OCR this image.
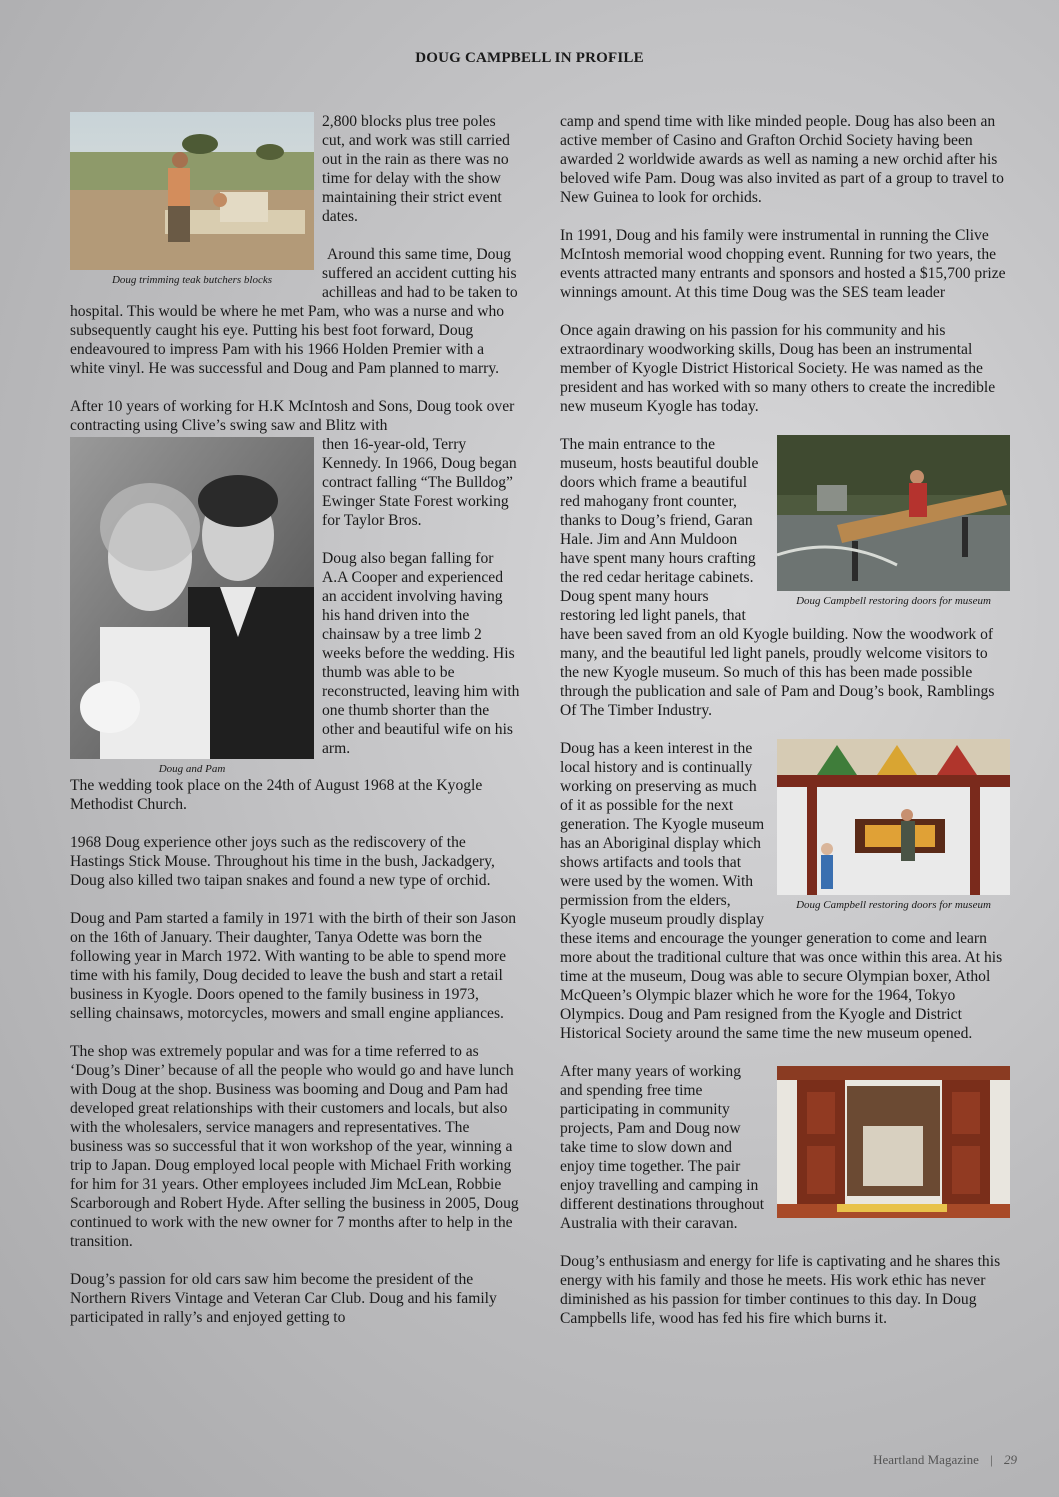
DOUG CAMPBELL IN PROFILE
Doug trimming teak butchers blocks

2,800 blocks plus tree poles cut, and work was still carried out in the rain as there was no time for delay with the show maintaining their strict event dates.

Around this same time, Doug suffered an accident cutting his achilleas and had to be taken to hospital. This would be where he met Pam, who was a nurse and who subsequently caught his eye. Putting his best foot forward, Doug endeavoured to impress Pam with his 1966 Holden Premier with a white vinyl. He was successful and Doug and Pam planned to marry.

After 10 years of working for H.K McIntosh and Sons, Doug took over contracting using Clive’s swing saw and Blitz with

Doug and Pam

then 16-year-old, Terry Kennedy. In 1966, Doug began contract falling “The Bulldog” Ewinger State Forest working for Taylor Bros.

Doug also began falling for A.A Cooper and experienced an accident involving having his hand driven into the chainsaw by a tree limb 2 weeks before the wedding. His thumb was able to be reconstructed, leaving him with one thumb shorter than the other and beautiful wife on his arm.

The wedding took place on the 24th of August 1968 at the Kyogle Methodist Church.

1968 Doug experience other joys such as the rediscovery of the Hastings Stick Mouse. Throughout his time in the bush, Jackadgery, Doug also killed two taipan snakes and found a new type of orchid.

Doug and Pam started a family in 1971 with the birth of their son Jason on the 16th of January. Their daughter, Tanya Odette was born the following year in March 1972. With wanting to be able to spend more time with his family, Doug decided to leave the bush and start a retail business in Kyogle. Doors opened to the family business in 1973, selling chainsaws, motorcycles, mowers and small engine appliances.

The shop was extremely popular and was for a time referred to as ‘Doug’s Diner’ because of all the people who would go and have lunch with Doug at the shop. Business was booming and Doug and Pam had developed great relationships with their customers and locals, but also with the wholesalers, service managers and representatives. The business was so successful that it won workshop of the year, winning a trip to Japan. Doug employed local people with Michael Frith working for him for 31 years. Other employees included Jim McLean, Robbie Scarborough and Robert Hyde. After selling the business in 2005, Doug continued to work with the new owner for 7 months after to help in the transition.

Doug’s passion for old cars saw him become the president of the Northern Rivers Vintage and Veteran Car Club. Doug and his family participated in rally’s and enjoyed getting to

camp and spend time with like minded people. Doug has also been an active member of Casino and Grafton Orchid Society having been awarded 2 worldwide awards as well as naming a new orchid after his beloved wife Pam. Doug was also invited as part of a group to travel to New Guinea to look for orchids.

In 1991, Doug and his family were instrumental in running the Clive McIntosh memorial wood chopping event. Running for two years, the events attracted many entrants and sponsors and hosted a $15,700 prize winnings amount. At this time Doug was the SES team leader

Once again drawing on his passion for his community and his extraordinary woodworking skills, Doug has been an instrumental member of Kyogle District Historical Society. He was named as the president and has worked with so many others to create the incredible new museum Kyogle has today.

Doug Campbell restoring doors for museum

The main entrance to the museum, hosts beautiful double doors which frame a beautiful red mahogany front counter, thanks to Doug’s friend, Garan Hale. Jim and Ann Muldoon have spent many hours crafting the red cedar heritage cabinets. Doug spent many hours restoring led light panels, that have been saved from an old Kyogle building. Now the woodwork of many, and the beautiful led light panels, proudly welcome visitors to the new Kyogle museum. So much of this has been made possible through the publication and sale of Pam and Doug’s book, Ramblings Of The Timber Industry.

Doug Campbell restoring doors for museum

Doug has a keen interest in the local history and is continually working on preserving as much of it as possible for the next generation. The Kyogle museum has an Aboriginal display which shows artifacts and tools that were used by the women. With permission from the elders, Kyogle museum proudly display these items and encourage the younger generation to come and learn more about the traditional culture that was once within this area. At his time at the museum, Doug was able to secure Olympian boxer, Athol McQueen’s Olympic blazer which he wore for the 1964, Tokyo Olympics. Doug and Pam resigned from the Kyogle and District Historical Society around the same time the new museum opened.

After many years of working and spending free time participating in community projects, Pam and Doug now take time to slow down and enjoy time together. The pair enjoy travelling and camping in different destinations throughout Australia with their caravan.

Doug’s enthusiasm and energy for life is captivating and he shares this energy with his family and those he meets. His work ethic has never diminished as his passion for timber continues to this day. In Doug Campbells life, wood has fed his fire which burns it.

Heartland Magazine | 29
